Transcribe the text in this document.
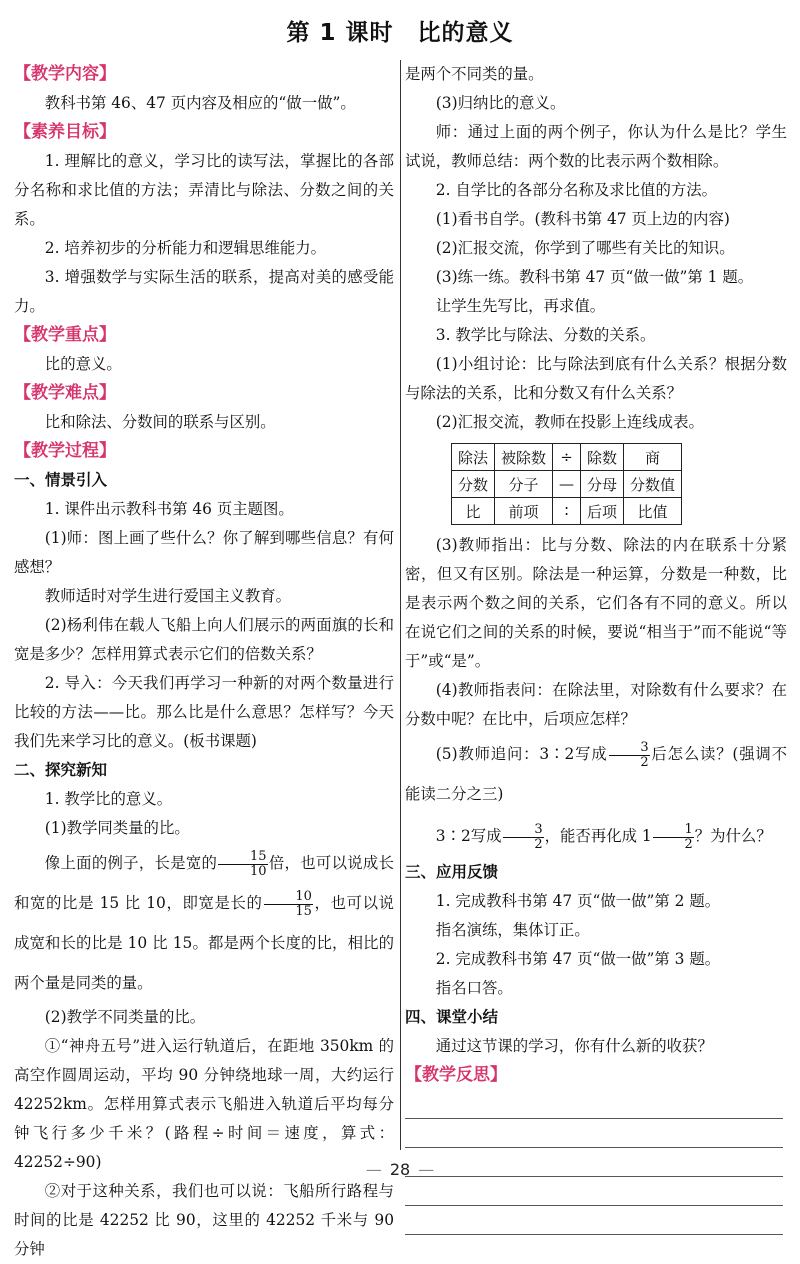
第 1 课时　比的意义
【教学内容】

教科书第 46、47 页内容及相应的“做一做”。

【素养目标】

1. 理解比的意义，学习比的读写法，掌握比的各部分名称和求比值的方法；弄清比与除法、分数之间的关系。

2. 培养初步的分析能力和逻辑思维能力。

3. 增强数学与实际生活的联系，提高对美的感受能力。

【教学重点】

比的意义。

【教学难点】

比和除法、分数间的联系与区别。

【教学过程】
一、情景引入

1. 课件出示教科书第 46 页主题图。

(1)师：图上画了些什么？你了解到哪些信息？有何感想？

教师适时对学生进行爱国主义教育。

(2)杨利伟在载人飞船上向人们展示的两面旗的长和宽是多少？怎样用算式表示它们的倍数关系？

2. 导入：今天我们再学习一种新的对两个数量进行比较的方法——比。那么比是什么意思？怎样写？今天我们先来学习比的意义。(板书课题)

二、探究新知

1. 教学比的意义。

(1)教学同类量的比。

像上面的例子，长是宽的 $\frac{15}{10}$ 倍，也可以说成长和宽的比是 15 比 10，即宽是长的 $\frac{10}{15}$ ，也可以说成宽和长的比是 10 比 15。都是两个长度的比，相比的两个量是同类的量。

(2)教学不同类量的比。

①“神舟五号”进入运行轨道后，在距地 350km 的高空作圆周运动，平均 90 分钟绕地球一周，大约运行 42252km。怎样用算式表示飞船进入轨道后平均每分钟飞行多少千米？(路程÷时间＝速度，算式：42252÷90)

②对于这种关系，我们也可以说：飞船所行路程与时间的比是 42252 比 90，这里的 42252 千米与 90 分钟

是两个不同类的量。

(3)归纳比的意义。

师：通过上面的两个例子，你认为什么是比？学生试说，教师总结：两个数的比表示两个数相除。

2. 自学比的各部分名称及求比值的方法。

(1)看书自学。(教科书第 47 页上边的内容)

(2)汇报交流，你学到了哪些有关比的知识。

(3)练一练。教科书第 47 页“做一做”第 1 题。

让学生先写比，再求值。

3. 教学比与除法、分数的关系。

(1)小组讨论：比与除法到底有什么关系？根据分数与除法的关系，比和分数又有什么关系？

(2)汇报交流，教师在投影上连线成表。

除法	被除数	÷	除数	商
分数	分子	—	分母	分数值
比	前项	∶	后项	比值

(3)教师指出：比与分数、除法的内在联系十分紧密，但又有区别。除法是一种运算，分数是一种数，比是表示两个数之间的关系，它们各有不同的意义。所以在说它们之间的关系的时候，要说“相当于”而不能说“等于”或“是”。

(4)教师指表问：在除法里，对除数有什么要求？在分数中呢？在比中，后项应怎样？

(5)教师追问：3∶2写成 $\frac{3}{2}$ 后怎么读？(强调不能读二分之三)

3∶2写成 $\frac{3}{2}$ ，能否再化成 $1 \frac{1}{2}$ ？为什么？

三、应用反馈

1. 完成教科书第 47 页“做一做”第 2 题。

指名演练，集体订正。

2. 完成教科书第 47 页“做一做”第 3 题。

指名口答。

四、课堂小结

通过这节课的学习，你有什么新的收获？

【教学反思】
— 28 —
